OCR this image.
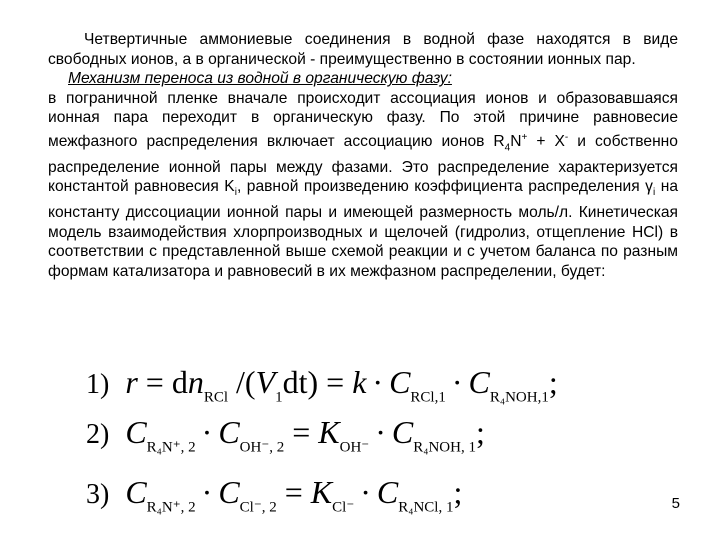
Четвертичные аммониевые соединения в водной фазе находятся в виде свободных ионов, а в органической - преимущественно в состоянии ионных пар.

Механизм переноса из водной в органическую фазу:

в пограничной пленке вначале происходит ассоциация ионов и образовавшаяся ионная пара переходит в органическую фазу. По этой причине равновесие межфазного распределения включает ассоциацию ионов $R_4N^+ + X^-$ и собственно распределение ионной пары между фазами. Это распределение характеризуется константой равновесия $K_i$, равной произведению коэффициента распределения $\gamma_i$ на константу диссоциации ионной пары и имеющей размерность моль/л. Кинетическая модель взаимодействия хлорпроизводных и щелочей (гидролиз, отщепление HCl) в соответствии с представленной выше схемой реакции и с учетом баланса по разным формам катализатора и равновесий в их межфазном распределении, будет:

1) $r = dn_{RCl}$ $/(V_1dt) = k \cdot C_{RCl,1} \cdot C_{R_4NOH,1}$;
2) $C_{R_4N^+, 2} \cdot C_{OH^-, 2} = K_{OH^-} \cdot C_{R_4NOH, 1}$;
3) $C_{R_4N^+, 2} \cdot C_{Cl^-, 2} = K_{Cl^-} \cdot C_{R_4NCl, 1}$;	5
